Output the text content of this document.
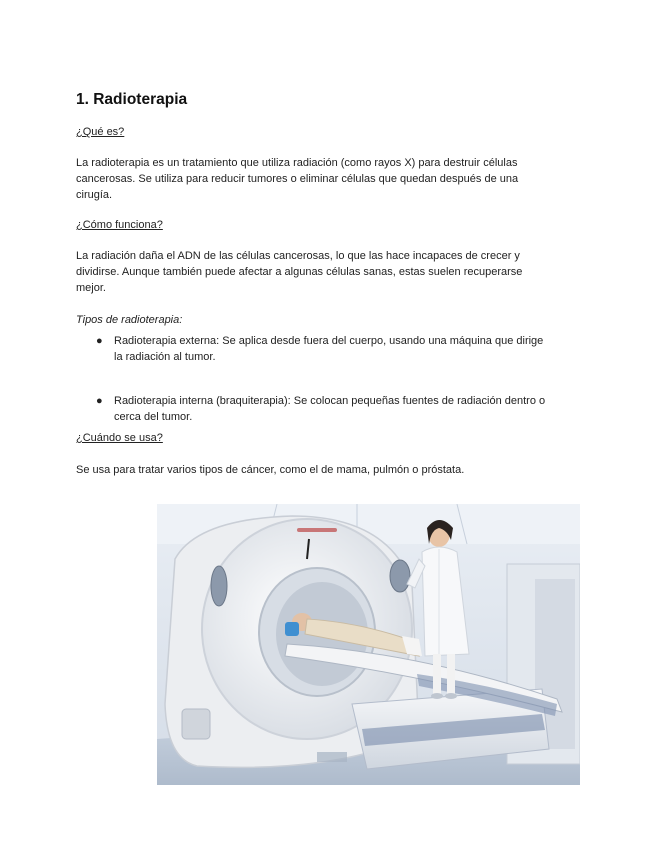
1. Radioterapia

¿Qué es?

La radioterapia es un tratamiento que utiliza radiación (como rayos X) para destruir células
cancerosas. Se utiliza para reducir tumores o eliminar células que quedan después de una
cirugía.

¿Cómo funciona?

La radiación daña el ADN de las células cancerosas, lo que las hace incapaces de crecer y
dividirse. Aunque también puede afectar a algunas células sanas, estas suelen recuperarse
mejor.

Tipos de radioterapia:

●	Radioterapia externa: Se aplica desde fuera del cuerpo, usando una máquina que dirige
la radiación al tumor.
●	Radioterapia interna (braquiterapia): Se colocan pequeñas fuentes de radiación dentro o
cerca del tumor.

¿Cuándo se usa?

Se usa para tratar varios tipos de cáncer, como el de mama, pulmón o próstata.
